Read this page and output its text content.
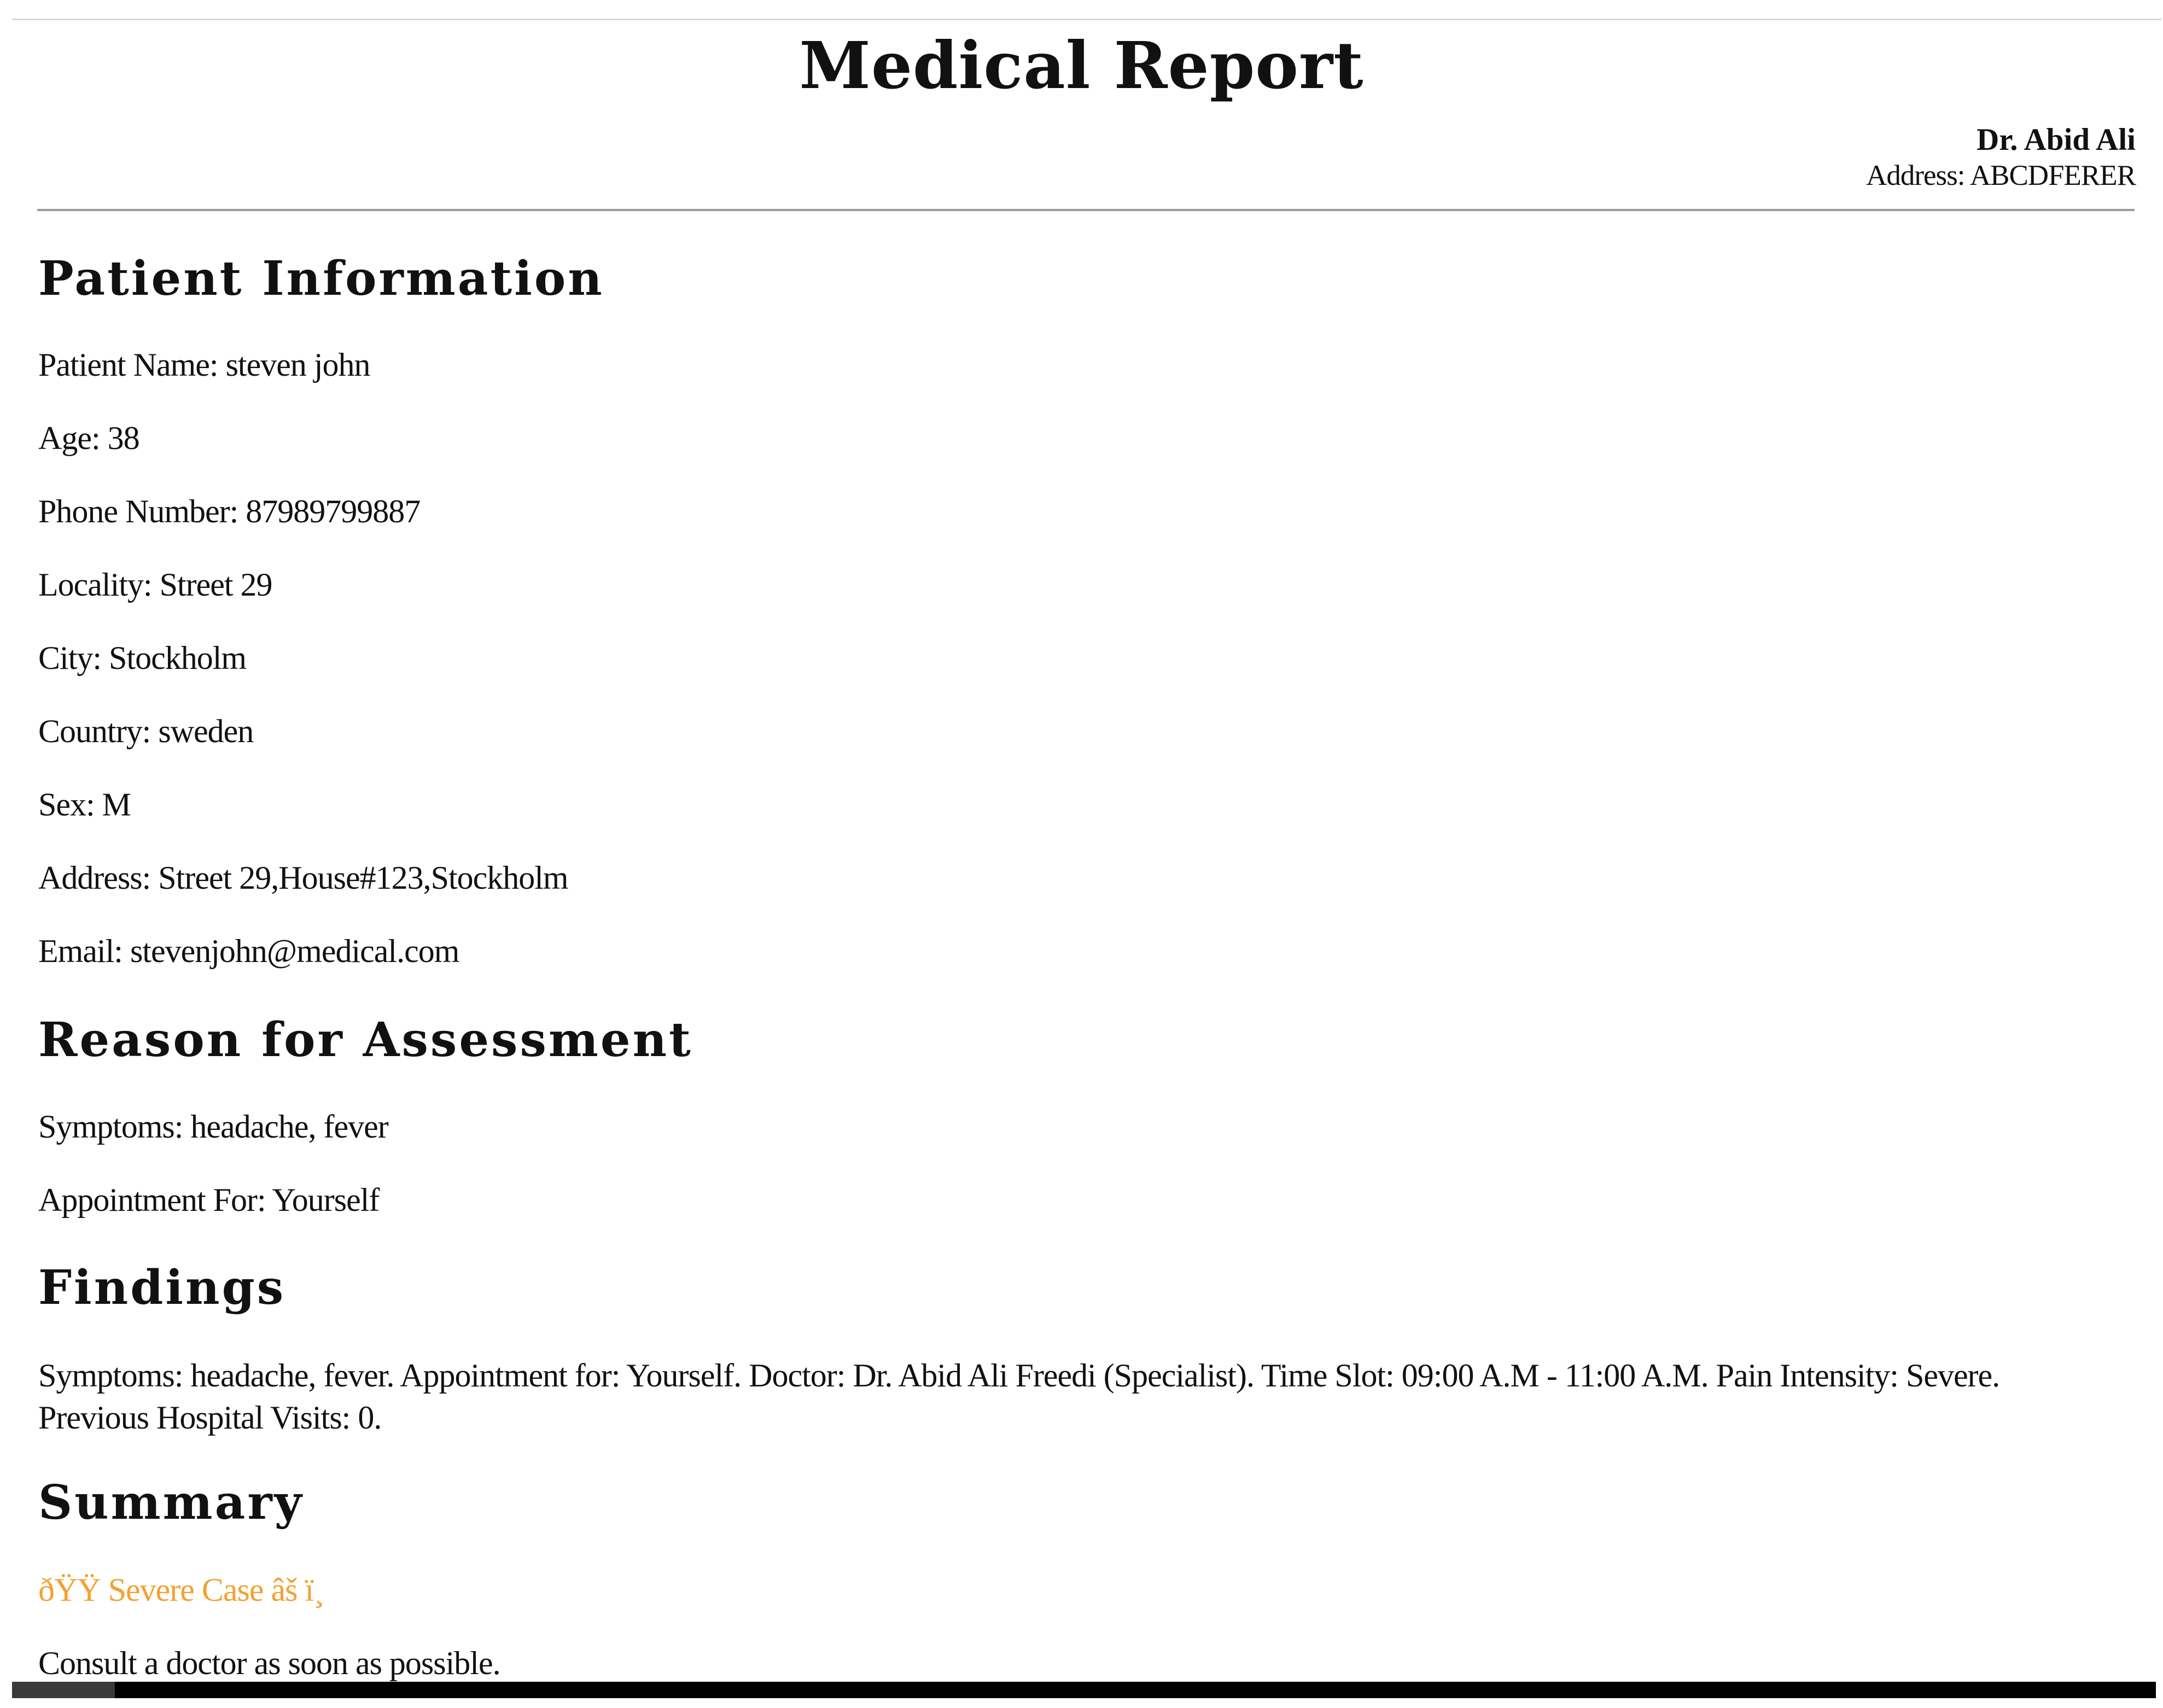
Medical Report
Dr. Abid Ali
Address: ABCDFERER
Patient Information
Patient Name: steven john
Age: 38
Phone Number: 87989799887
Locality: Street 29
City: Stockholm
Country: sweden
Sex: M
Address: Street 29,House#123,Stockholm
Email: stevenjohn@medical.com
Reason for Assessment
Symptoms: headache, fever
Appointment For: Yourself
Findings
Symptoms: headache, fever. Appointment for: Yourself. Doctor: Dr. Abid Ali Freedi (Specialist). Time Slot: 09:00 A.M - 11:00 A.M. Pain Intensity: Severe. Previous Hospital Visits: 0.
Summary
ðŸŸ Severe Case âš ï¸
Consult a doctor as soon as possible.
